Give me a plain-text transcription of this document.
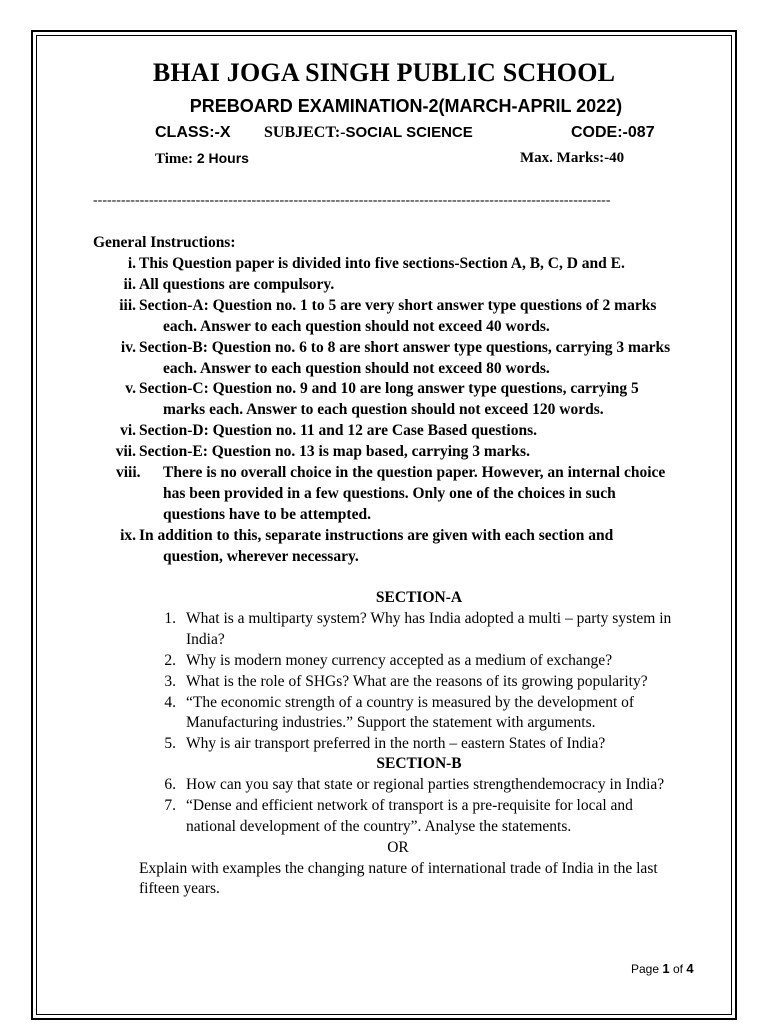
BHAI JOGA SINGH PUBLIC SCHOOL
PREBOARD EXAMINATION-2(MARCH-APRIL 2022)
CLASS:-X SUBJECT:-SOCIAL SCIENCE	CODE:-087
Time: 2 Hours	Max. Marks:-40
---------------------------------------------------------------------------------------------------------------
General Instructions:
This Question paper is divided into five sections-Section A, B, C, D and E.
i.
All questions are compulsory.
ii.
Section-A: Question no. 1 to 5 are very short answer type questions of 2 marks
iii.
each. Answer to each question should not exceed 40 words.
Section-B: Question no. 6 to 8 are short answer type questions, carrying 3 marks
iv.
each. Answer to each question should not exceed 80 words.
Section-C: Question no. 9 and 10 are long answer type questions, carrying 5
v.
marks each. Answer to each question should not exceed 120 words.
Section-D: Question no. 11 and 12 are Case Based questions.
vi.
Section-E: Question no. 13 is map based, carrying 3 marks.
vii.
There is no overall choice in the question paper. However, an internal choice
viii.
has been provided in a few questions. Only one of the choices in such
questions have to be attempted.
In addition to this, separate instructions are given with each section and
ix.
question, wherever necessary.
SECTION-A
1. What is a multiparty system? Why has India adopted a multi – party system in
India?
2. Why is modern money currency accepted as a medium of exchange?
3. What is the role of SHGs? What are the reasons of its growing popularity?
4. “The economic strength of a country is measured by the development of
Manufacturing industries.” Support the statement with arguments.
5. Why is air transport preferred in the north – eastern States of India?
SECTION-B
6. How can you say that state or regional parties strengthendemocracy in India?
7. “Dense and efficient network of transport is a pre-requisite for local and
national development of the country”. Analyse the statements.
OR
Explain with examples the changing nature of international trade of India in the last
fifteen years.
Page 1 of 4
